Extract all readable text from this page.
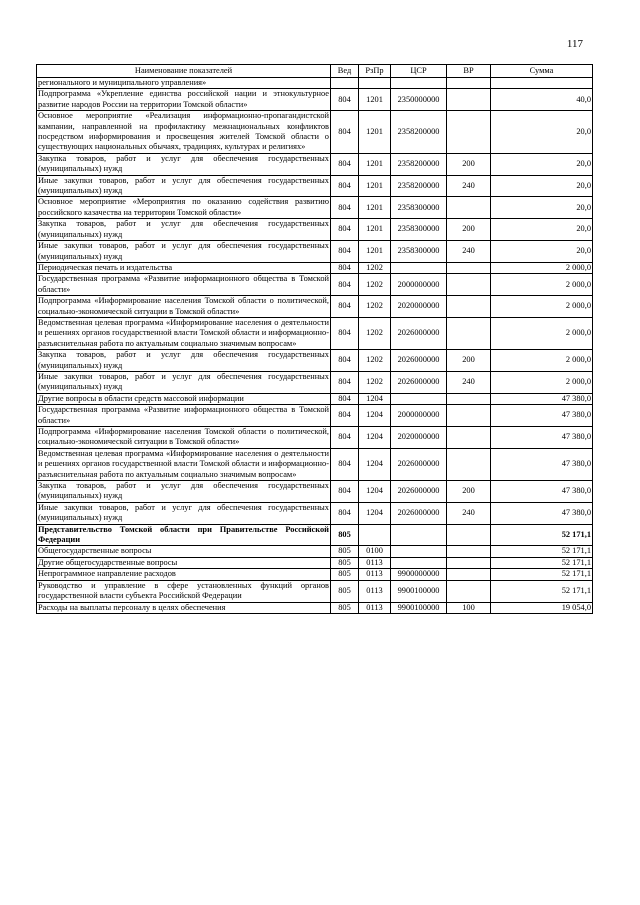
117
Наименование показателей	Вед	РзПр	ЦСР	ВР	Сумма
регионального и муниципального управления»					
Подпрограмма «Укрепление единства российской нации и этнокультурное развитие народов России на территории Томской области»	804	1201	2350000000		40,0
Основное мероприятие «Реализация информационно-пропагандистской кампании, направленной на профилактику межнациональных конфликтов посредством информирования и просвещения жителей Томской области о существующих национальных обычаях, традициях, культурах и религиях»	804	1201	2358200000		20,0
Закупка товаров, работ и услуг для обеспечения государственных (муниципальных) нужд	804	1201	2358200000	200	20,0
Иные закупки товаров, работ и услуг для обеспечения государственных (муниципальных) нужд	804	1201	2358200000	240	20,0
Основное мероприятие «Мероприятия по оказанию содействия развитию российского казачества на территории Томской области»	804	1201	2358300000		20,0
Закупка товаров, работ и услуг для обеспечения государственных (муниципальных) нужд	804	1201	2358300000	200	20,0
Иные закупки товаров, работ и услуг для обеспечения государственных (муниципальных) нужд	804	1201	2358300000	240	20,0
Периодическая печать и издательства	804	1202			2 000,0
Государственная программа «Развитие информационного общества в Томской области»	804	1202	2000000000		2 000,0
Подпрограмма «Информирование населения Томской области о политической, социально-экономической ситуации в Томской области»	804	1202	2020000000		2 000,0
Ведомственная целевая программа «Информирование населения о деятельности и решениях органов государственной власти Томской области и информационно-разъяснительная работа по актуальным социально значимым вопросам»	804	1202	2026000000		2 000,0
Закупка товаров, работ и услуг для обеспечения государственных (муниципальных) нужд	804	1202	2026000000	200	2 000,0
Иные закупки товаров, работ и услуг для обеспечения государственных (муниципальных) нужд	804	1202	2026000000	240	2 000,0
Другие вопросы в области средств массовой информации	804	1204			47 380,0
Государственная программа «Развитие информационного общества в Томской области»	804	1204	2000000000		47 380,0
Подпрограмма «Информирование населения Томской области о политической, социально-экономической ситуации в Томской области»	804	1204	2020000000		47 380,0
Ведомственная целевая программа «Информирование населения о деятельности и решениях органов государственной власти Томской области и информационно-разъяснительная работа по актуальным социально значимым вопросам»	804	1204	2026000000		47 380,0
Закупка товаров, работ и услуг для обеспечения государственных (муниципальных) нужд	804	1204	2026000000	200	47 380,0
Иные закупки товаров, работ и услуг для обеспечения государственных (муниципальных) нужд	804	1204	2026000000	240	47 380,0
Представительство Томской области при Правительстве Российской Федерации	805				52 171,1
Общегосударственные вопросы	805	0100			52 171,1
Другие общегосударственные вопросы	805	0113			52 171,1
Непрограммное направление расходов	805	0113	9900000000		52 171,1
Руководство и управление в сфере установленных функций органов государственной власти субъекта Российской Федерации	805	0113	9900100000		52 171,1
Расходы на выплаты персоналу в целях обеспечения	805	0113	9900100000	100	19 054,0
